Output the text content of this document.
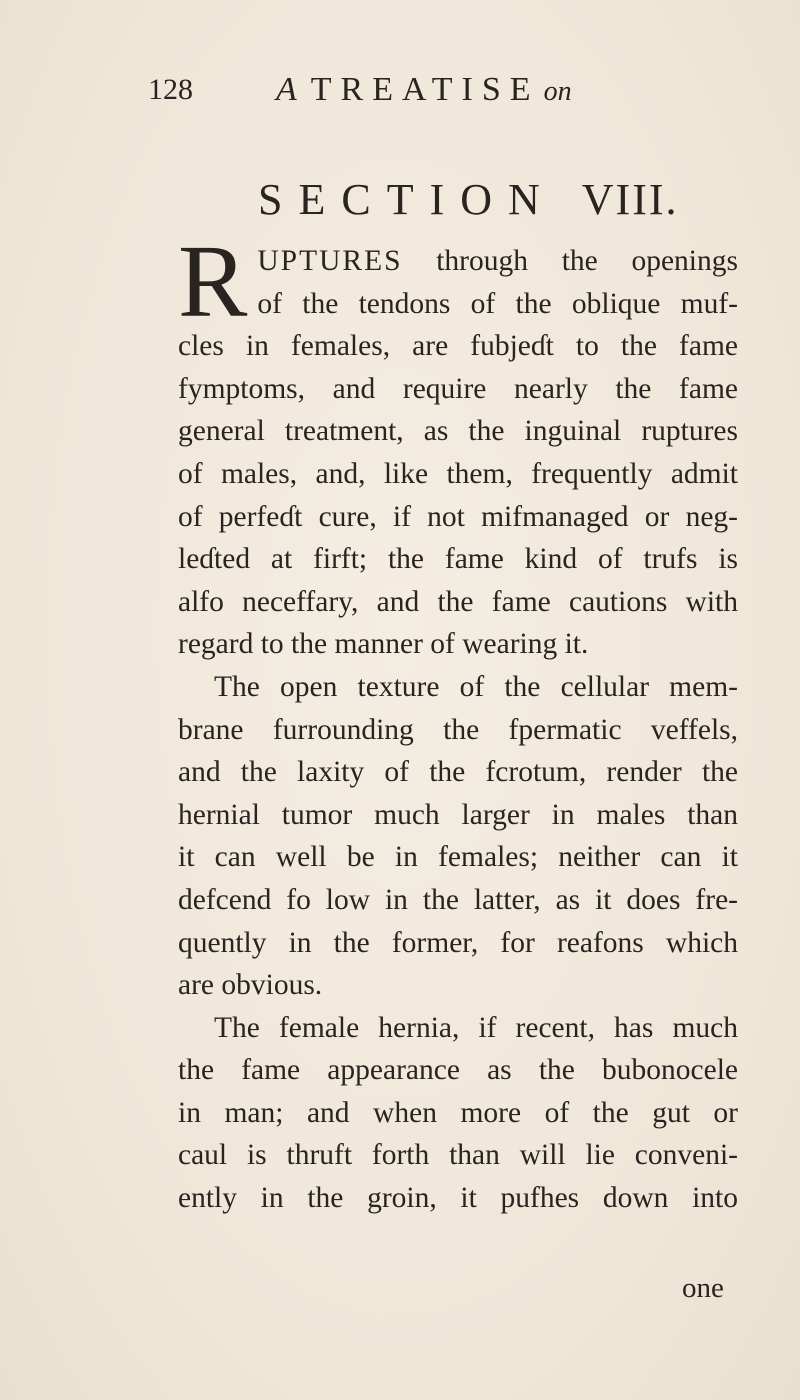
128 A TREATISE on
SECTION VIII.
R UPTURES through the openings

of the tendons of the oblique muf-

cles in females, are fubjeɗt to the fame

fymptoms, and require nearly the fame

general treatment, as the inguinal ruptures

of males, and, like them, frequently admit

of perfeɗt cure, if not mifmanaged or neg-

leɗted at firft; the fame kind of trufs is

alfo neceffary, and the fame cautions with

regard to the manner of wearing it.

The open texture of the cellular mem-

brane furrounding the fpermatic veffels,

and the laxity of the fcrotum, render the

hernial tumor much larger in males than

it can well be in females; neither can it

defcend fo low in the latter, as it does fre-

quently in the former, for reafons which

are obvious.

The female hernia, if recent, has much

the fame appearance as the bubonocele

in man; and when more of the gut or

caul is thruft forth than will lie conveni-

ently in the groin, it pufhes down into

one
